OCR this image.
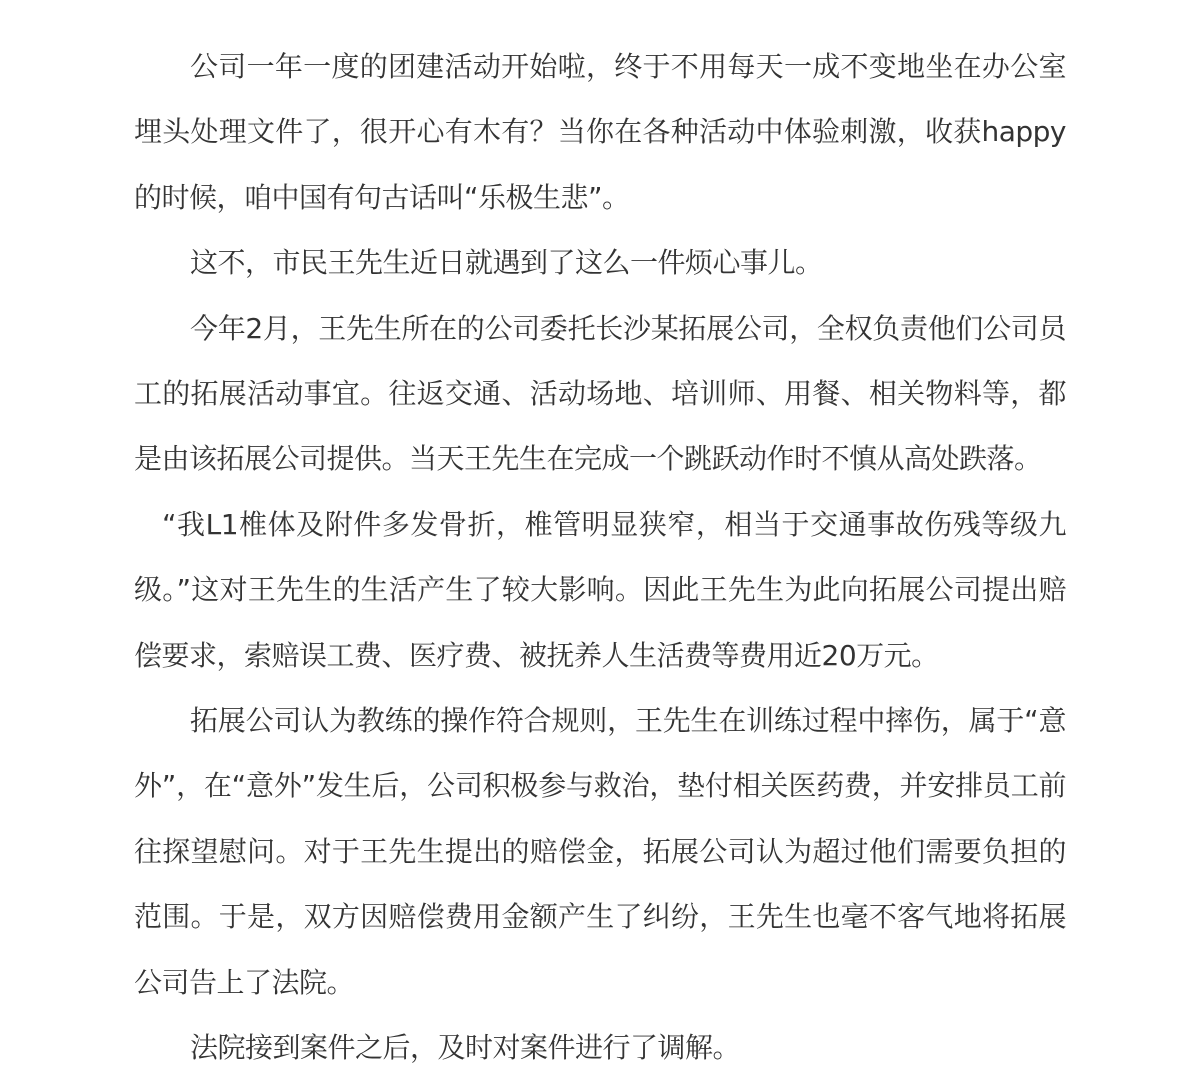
公司一年一度的团建活动开始啦，终于不用每天一成不变地坐在办公室埋头处理文件了，很开心有木有？当你在各种活动中体验刺激，收获happy的时候，咱中国有句古话叫“乐极生悲”。

这不，市民王先生近日就遇到了这么一件烦心事儿。

今年2月，王先生所在的公司委托长沙某拓展公司，全权负责他们公司员工的拓展活动事宜。往返交通、活动场地、培训师、用餐、相关物料等，都是由该拓展公司提供。当天王先生在完成一个跳跃动作时不慎从高处跌落。

“我L1椎体及附件多发骨折，椎管明显狭窄，相当于交通事故伤残等级九级。”这对王先生的生活产生了较大影响。因此王先生为此向拓展公司提出赔偿要求，索赔误工费、医疗费、被抚养人生活费等费用近20万元。

拓展公司认为教练的操作符合规则，王先生在训练过程中摔伤，属于“意外”，在“意外”发生后，公司积极参与救治，垫付相关医药费，并安排员工前往探望慰问。对于王先生提出的赔偿金，拓展公司认为超过他们需要负担的范围。于是，双方因赔偿费用金额产生了纠纷，王先生也毫不客气地将拓展公司告上了法院。

法院接到案件之后，及时对案件进行了调解。
